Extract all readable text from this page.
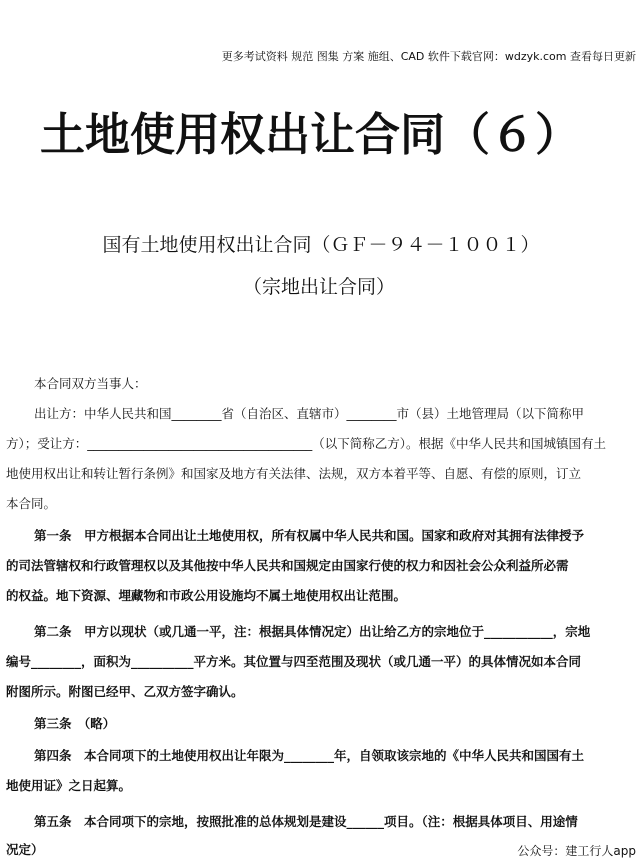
更多考试资料 规范 图集 方案 施组、CAD 软件下载官网：wdzyk.com 查看每日更新
土地使用权出让合同（６）
国有土地使用权出让合同（ＧＦ－９４－１００１）
（宗地出让合同）
本合同双方当事人：
出让方：中华人民共和国________省（自治区、直辖市）________市（县）土地管理局（以下简称甲
方）；受让方：____________________________________（以下简称乙方）。根据《中华人民共和国城镇国有土
地使用权出让和转让暂行条例》和国家及地方有关法律、法规，双方本着平等、自愿、有偿的原则，订立
本合同。
第一条　甲方根据本合同出让土地使用权，所有权属中华人民共和国。国家和政府对其拥有法律授予
的司法管辖权和行政管理权以及其他按中华人民共和国规定由国家行使的权力和因社会公众利益所必需
的权益。地下资源、埋藏物和市政公用设施均不属土地使用权出让范围。
第二条　甲方以现状（或几通一平，注：根据具体情况定）出让给乙方的宗地位于___________，宗地
编号________，面积为__________平方米。其位置与四至范围及现状（或几通一平）的具体情况如本合同
附图所示。附图已经甲、乙双方签字确认。
第三条　（略）
第四条　本合同项下的土地使用权出让年限为________年，自领取该宗地的《中华人民共和国国有土
地使用证》之日起算。
第五条　本合同项下的宗地，按照批准的总体规划是建设______项目。（注：根据具体项目、用途情
况定）	公众号：建工行人app
